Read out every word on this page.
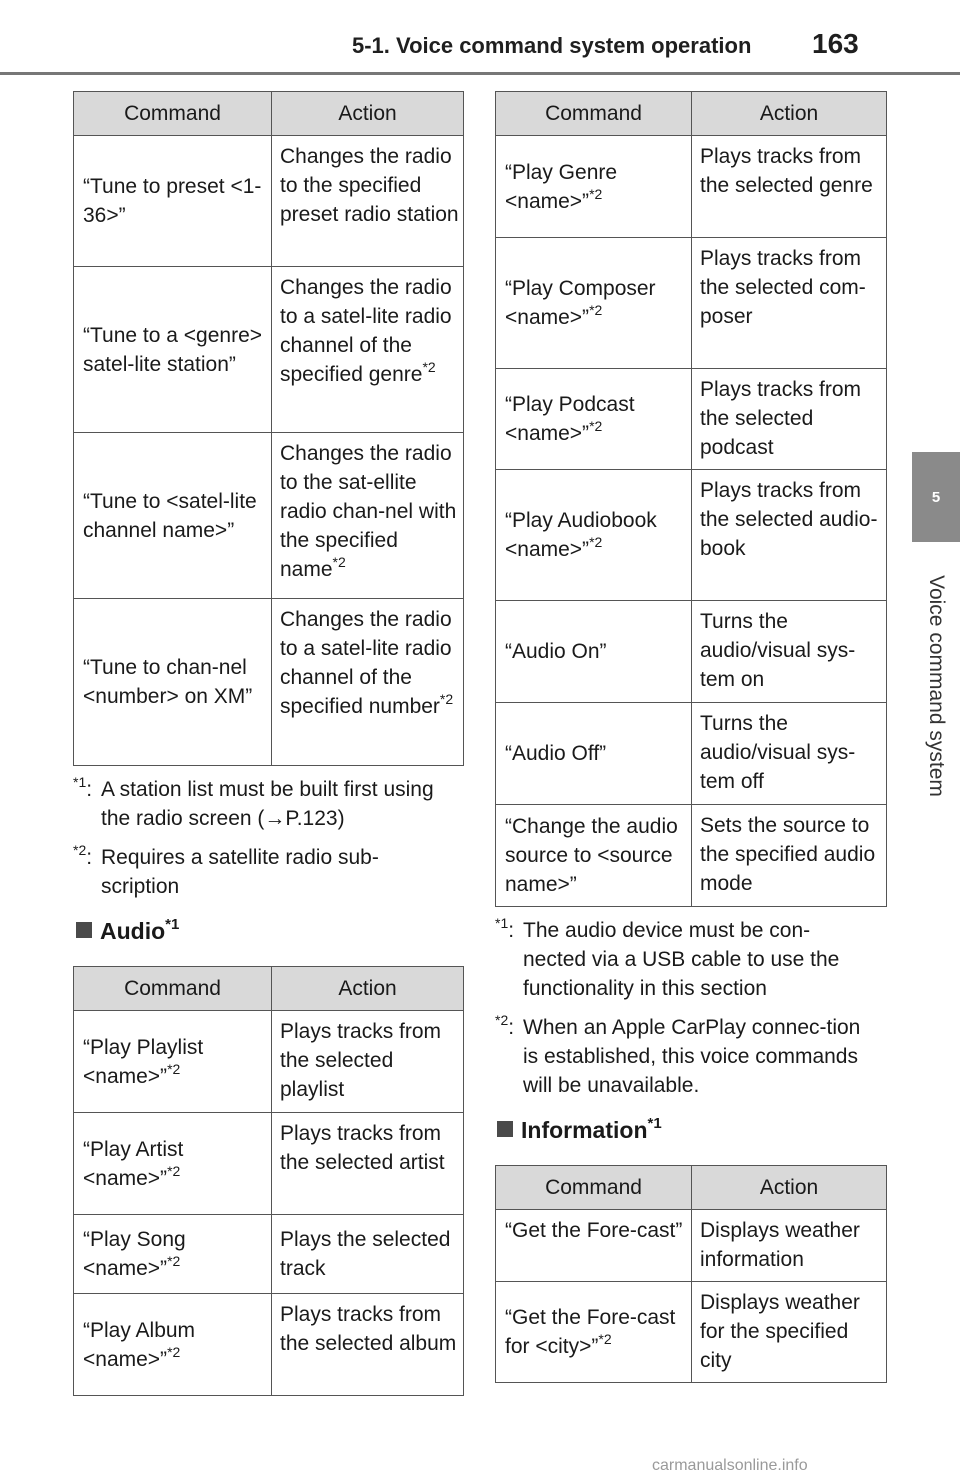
5-1. Voice command system operation	163
5
Voice command system
Command	Action
“Tune to preset <1-36>”	Changes the radio to the specified preset radio station
“Tune to a <genre> satel-lite station”	Changes the radio to a satel-lite radio channel of the specified genre$^{*2}$
“Tune to <satel-lite channel name>”	Changes the radio to the sat-ellite radio chan-nel with the specified name$^{*2}$
“Tune to chan-nel <number> on XM”	Changes the radio to a satel-lite radio channel of the specified number$^{*2}$
$^{*1}$: A station list must be built first using the radio screen (→P.123)
$^{*2}$: Requires a satellite radio sub-scription
Audio$^{*1}$
Command	Action
“Play Playlist <name>”$^{*2}$	Plays tracks from the selected playlist
“Play Artist <name>”$^{*2}$	Plays tracks from the selected artist
“Play Song <name>”$^{*2}$	Plays the selected track
“Play Album <name>”$^{*2}$	Plays tracks from the selected album
Command	Action
“Play Genre <name>”$^{*2}$	Plays tracks from the selected genre
“Play Composer <name>”$^{*2}$	Plays tracks from the selected com-poser
“Play Podcast <name>”$^{*2}$	Plays tracks from the selected podcast
“Play Audiobook <name>”$^{*2}$	Plays tracks from the selected audio-book
“Audio On”	Turns the audio/visual sys-tem on
“Audio Off”	Turns the audio/visual sys-tem off
“Change the audio source to <source name>”	Sets the source to the specified audio mode
$^{*1}$: The audio device must be con-nected via a USB cable to use the functionality in this section
$^{*2}$: When an Apple CarPlay connec-tion is established, this voice commands will be unavailable.
Information$^{*1}$
Command	Action
“Get the Fore-cast”	Displays weather information
“Get the Fore-cast for <city>”$^{*2}$	Displays weather for the specified city
carmanualsonline.info
